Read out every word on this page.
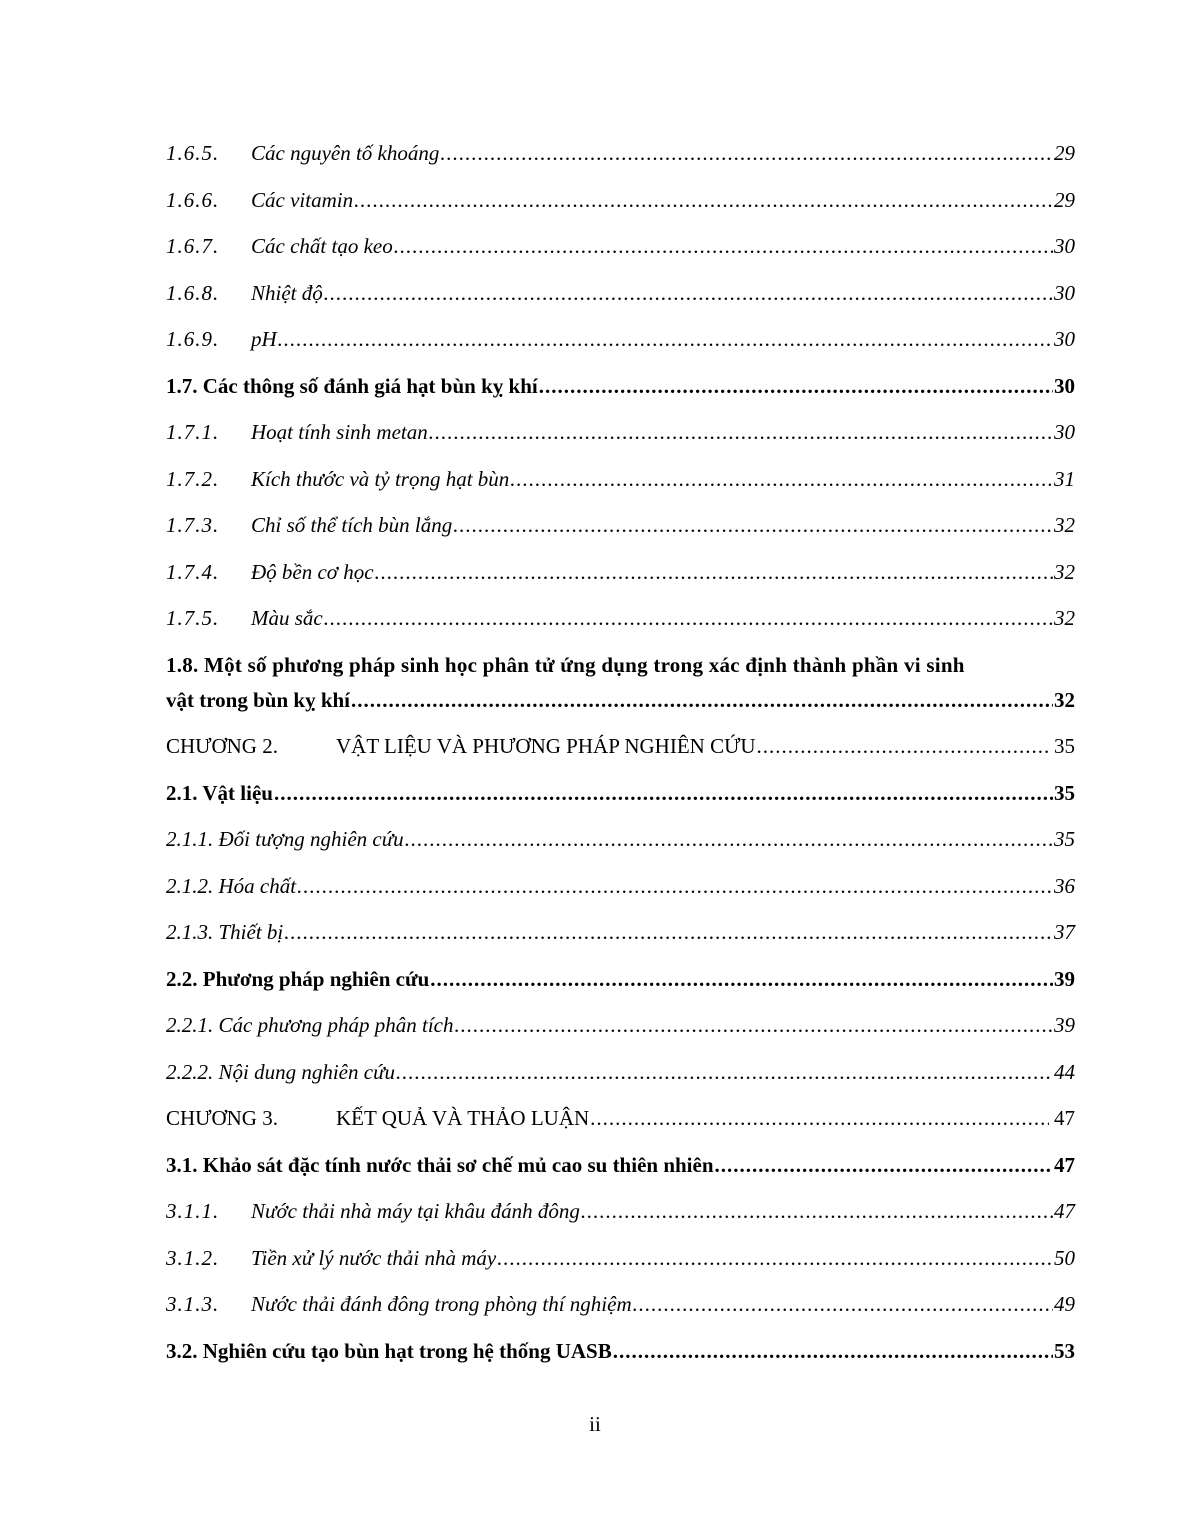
1.6.5.	Các nguyên tố khoáng .....	29
1.6.6.	Các vitamin .....	29
1.6.7.	Các chất tạo keo .....	30
1.6.8.	Nhiệt độ .....	30
1.6.9.	pH .....	30
1.7. Các thông số đánh giá hạt bùn kỵ khí .....	30
1.7.1.	Hoạt tính sinh metan .....	30
1.7.2.	Kích thước và tỷ trọng hạt bùn .....	31
1.7.3.	Chỉ số thể tích bùn lắng .....	32
1.7.4.	Độ bền cơ học .....	32
1.7.5.	Màu sắc .....	32
1.8. Một số phương pháp sinh học phân tử ứng dụng trong xác định thành phần vi sinh
vật trong bùn kỵ khí .....	32
CHƯƠNG 2.	VẬT LIỆU VÀ PHƯƠNG PHÁP NGHIÊN CỨU .....	35
2.1. Vật liệu .....	35
2.1.1. Đối tượng nghiên cứu .....	35
2.1.2. Hóa chất .....	36
2.1.3. Thiết bị .....	37
2.2. Phương pháp nghiên cứu .....	39
2.2.1. Các phương pháp phân tích .....	39
2.2.2. Nội dung nghiên cứu .....	44
CHƯƠNG 3.	KẾT QUẢ VÀ THẢO LUẬN .....	47
3.1. Khảo sát đặc tính nước thải sơ chế mủ cao su thiên nhiên .....	47
3.1.1.	Nước thải nhà máy tại khâu đánh đông .....	47
3.1.2.	Tiền xử lý nước thải nhà máy .....	50
3.1.3.	Nước thải đánh đông trong phòng thí nghiệm .....	49
3.2. Nghiên cứu tạo bùn hạt trong hệ thống UASB .....	53
ii
